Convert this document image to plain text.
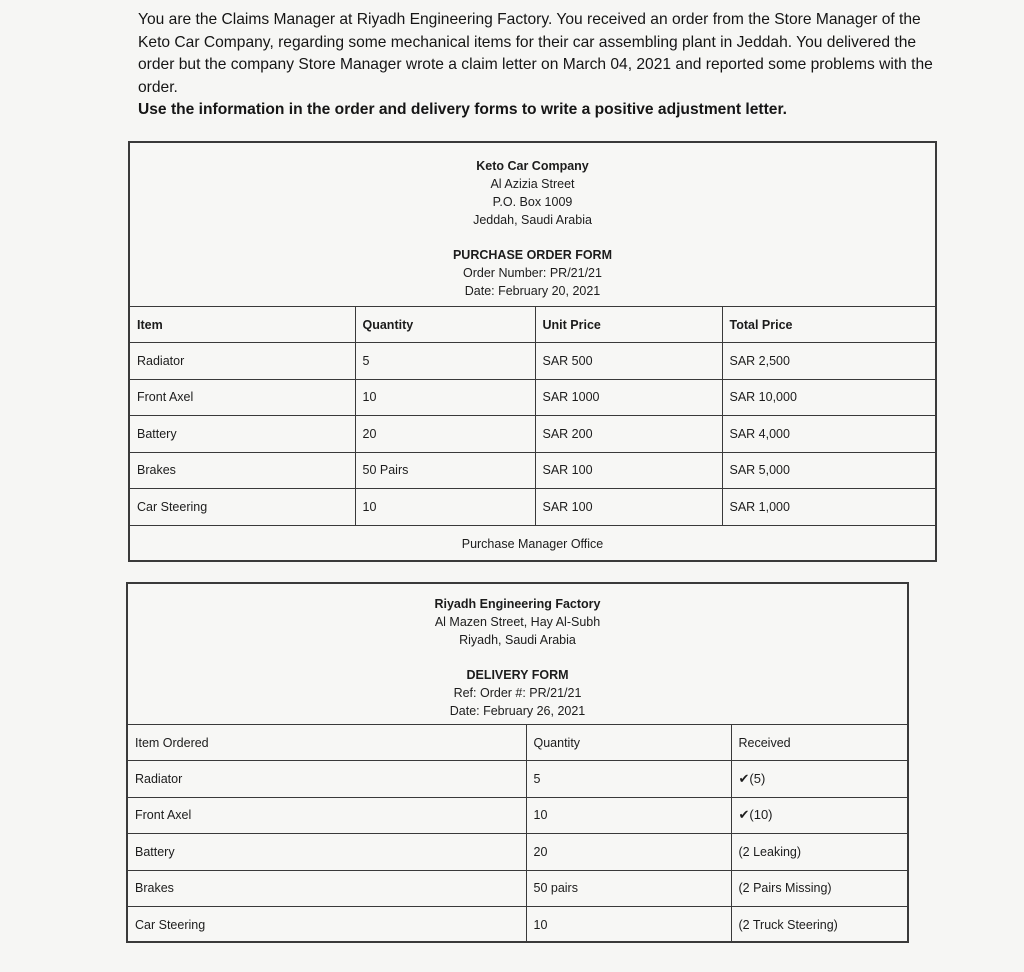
You are the Claims Manager at Riyadh Engineering Factory. You received an order from the Store Manager of the Keto Car Company, regarding some mechanical items for their car assembling plant in Jeddah. You delivered the order but the company Store Manager wrote a claim letter on March 04, 2021 and reported some problems with the order.

Use the information in the order and delivery forms to write a positive adjustment letter.

Keto Car Company
Al Azizia Street
P.O. Box 1009
Jeddah, Saudi Arabia
PURCHASE ORDER FORM
Order Number: PR/21/21
Date: February 20, 2021
Item	Quantity	Unit Price	Total Price
Radiator	5	SAR 500	SAR 2,500
Front Axel	10	SAR 1000	SAR 10,000
Battery	20	SAR 200	SAR 4,000
Brakes	50 Pairs	SAR 100	SAR 5,000
Car Steering	10	SAR 100	SAR 1,000
Purchase Manager Office			
Riyadh Engineering Factory
Al Mazen Street, Hay Al-Subh
Riyadh, Saudi Arabia
DELIVERY FORM
Ref: Order #: PR/21/21
Date: February 26, 2021
Item Ordered	Quantity	Received
Radiator	5	✔(5)
Front Axel	10	✔(10)
Battery	20	(2 Leaking)
Brakes	50 pairs	(2 Pairs Missing)
Car Steering	10	(2 Truck Steering)
